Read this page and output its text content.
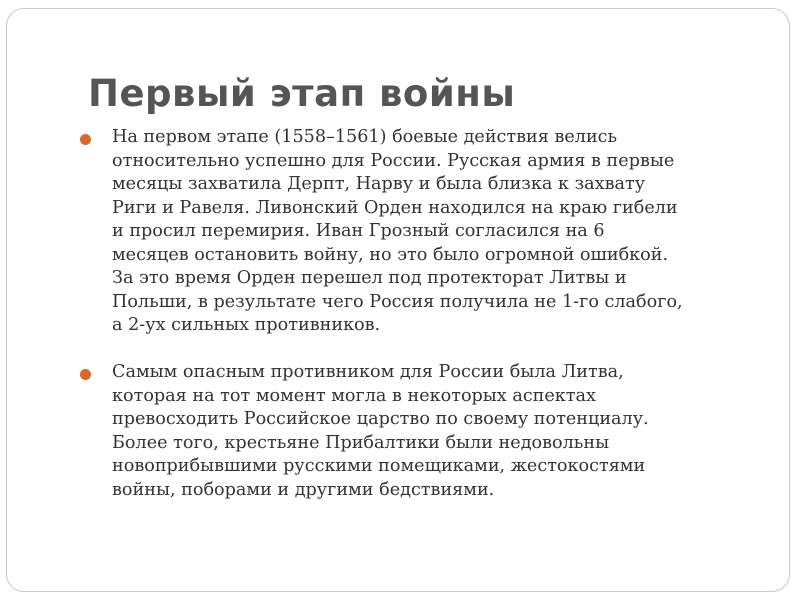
Первый этап войны
На первом этапе (1558–1561) боевые действия велись
относительно успешно для России. Русская армия в первые
месяцы захватила Дерпт, Нарву и была близка к захвату
Риги и Равеля. Ливонский Орден находился на краю гибели
и просил перемирия. Иван Грозный согласился на 6
месяцев остановить войну, но это было огромной ошибкой.
За это время Орден перешел под протекторат Литвы и
Польши, в результате чего Россия получила не 1-го слабого,
а 2-ух сильных противников.
Самым опасным противником для России была Литва,
которая на тот момент могла в некоторых аспектах
превосходить Российское царство по своему потенциалу.
Более того, крестьяне Прибалтики были недовольны
новоприбывшими русскими помещиками, жестокостями
войны, поборами и другими бедствиями.
